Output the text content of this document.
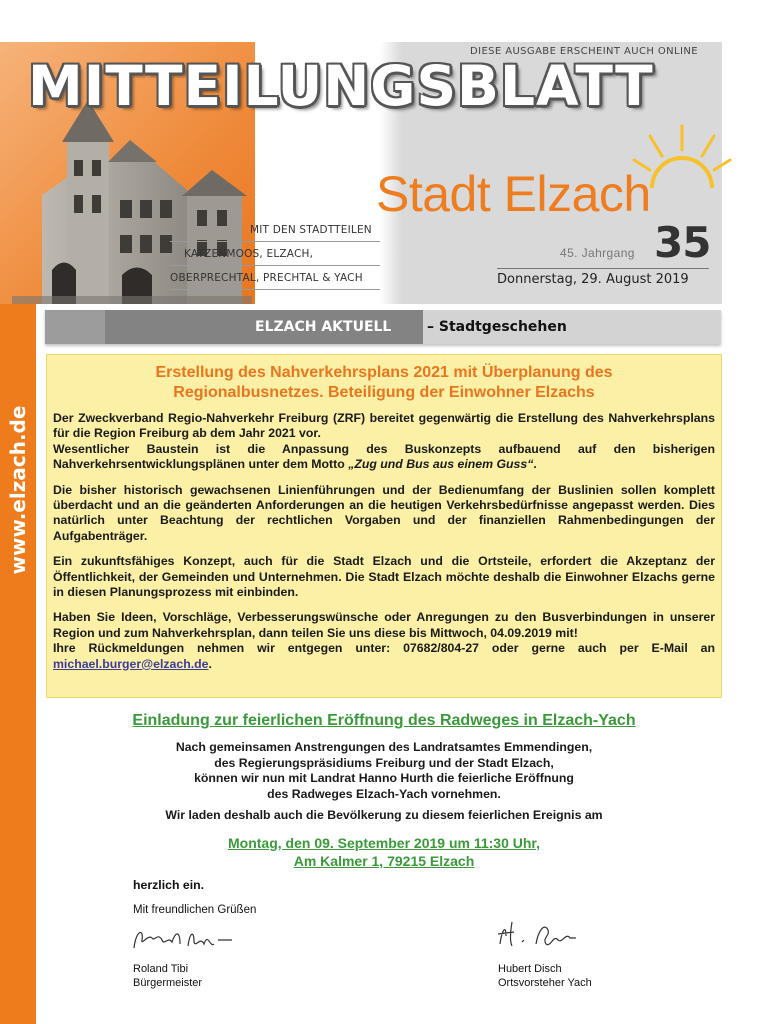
DIESE AUSGABE ERSCHEINT AUCH ONLINE
MITTEILUNGSBLATT
Stadt Elzach
MIT DEN STADTTEILEN
KATZENMOOS, ELZACH,
OBERPRECHTAL, PRECHTAL & YACH
45. Jahrgang 35
Donnerstag, 29. August 2019
www.elzach.de
ELZACH AKTUELL	– Stadtgeschehen
Erstellung des Nahverkehrsplans 2021 mit Überplanung des
Regionalbusnetzes. Beteiligung der Einwohner Elzachs

Der Zweckverband Regio-Nahverkehr Freiburg (ZRF) bereitet gegenwärtig die Erstellung des Nahverkehrsplans für die Region Freiburg ab dem Jahr 2021 vor.

Wesentlicher Baustein ist die Anpassung des Buskonzepts aufbauend auf den bisherigen Nahverkehrsentwicklungsplänen unter dem Motto „Zug und Bus aus einem Guss“.

Die bisher historisch gewachsenen Linienführungen und der Bedienumfang der Buslinien sollen komplett überdacht und an die geänderten Anforderungen an die heutigen Verkehrsbedürfnisse angepasst werden. Dies natürlich unter Beachtung der rechtlichen Vorgaben und der finanziellen Rahmenbedingungen der Aufgabenträger.

Ein zukunftsfähiges Konzept, auch für die Stadt Elzach und die Ortsteile, erfordert die Akzeptanz der Öffentlichkeit, der Gemeinden und Unternehmen. Die Stadt Elzach möchte deshalb die Einwohner Elzachs gerne in diesen Planungsprozess mit einbinden.

Haben Sie Ideen, Vorschläge, Verbesserungswünsche oder Anregungen zu den Busverbindungen in unserer Region und zum Nahverkehrsplan, dann teilen Sie uns diese bis Mittwoch, 04.09.2019 mit!

Ihre Rückmeldungen nehmen wir entgegen unter: 07682/804-27 oder gerne auch per E-Mail an michael.burger@elzach.de.

Einladung zur feierlichen Eröffnung des Radweges in Elzach-Yach
Nach gemeinsamen Anstrengungen des Landratsamtes Emmendingen,
des Regierungspräsidiums Freiburg und der Stadt Elzach,
können wir nun mit Landrat Hanno Hurth die feierliche Eröffnung
des Radweges Elzach-Yach vornehmen.
Wir laden deshalb auch die Bevölkerung zu diesem feierlichen Ereignis am
Montag, den 09. September 2019 um 11:30 Uhr,
Am Kalmer 1, 79215 Elzach
herzlich ein.
Mit freundlichen Grüßen
Roland Tibi
Bürgermeister
Hubert Disch
Ortsvorsteher Yach
